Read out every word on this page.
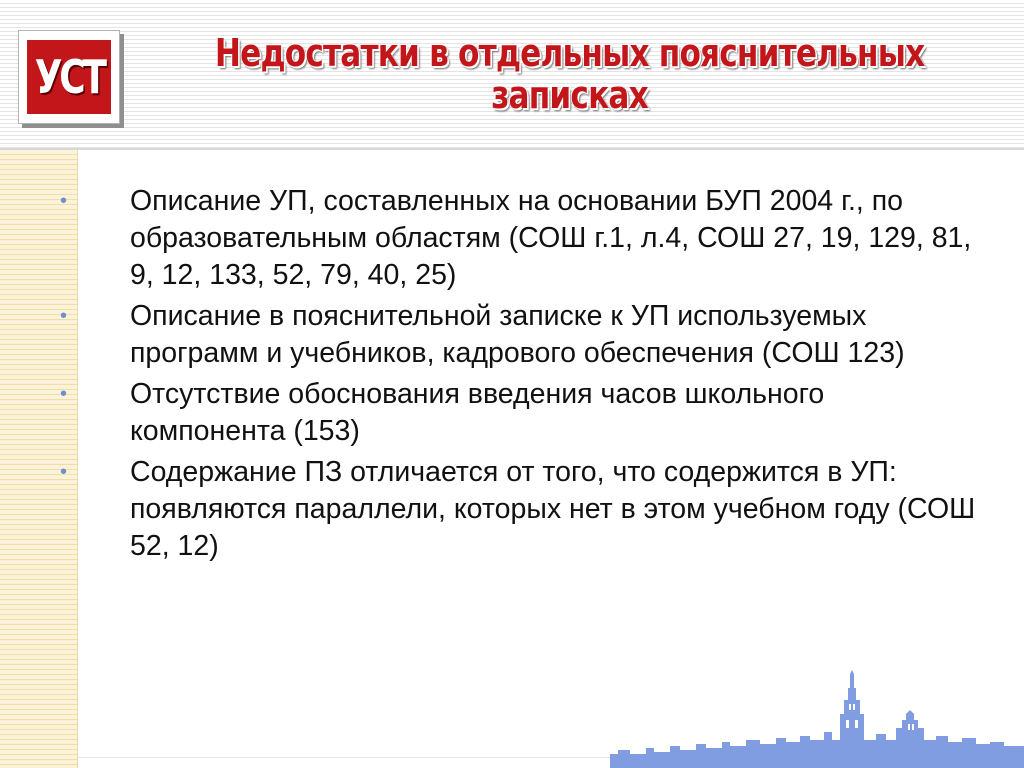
УСТ	Недостатки в отдельных пояснительных
записках
• Описание УП, составленных на основании БУП 2004 г., по образовательным областям (СОШ г.1, л.4, СОШ 27, 19, 129, 81, 9, 12, 133, 52, 79, 40, 25)
• Описание в пояснительной записке к УП используемых программ и учебников, кадрового обеспечения (СОШ 123)
• Отсутствие обоснования введения часов школьного компонента (153)
• Содержание ПЗ отличается от того, что содержится в УП: появляются параллели, которых нет в этом учебном году (СОШ 52, 12)
